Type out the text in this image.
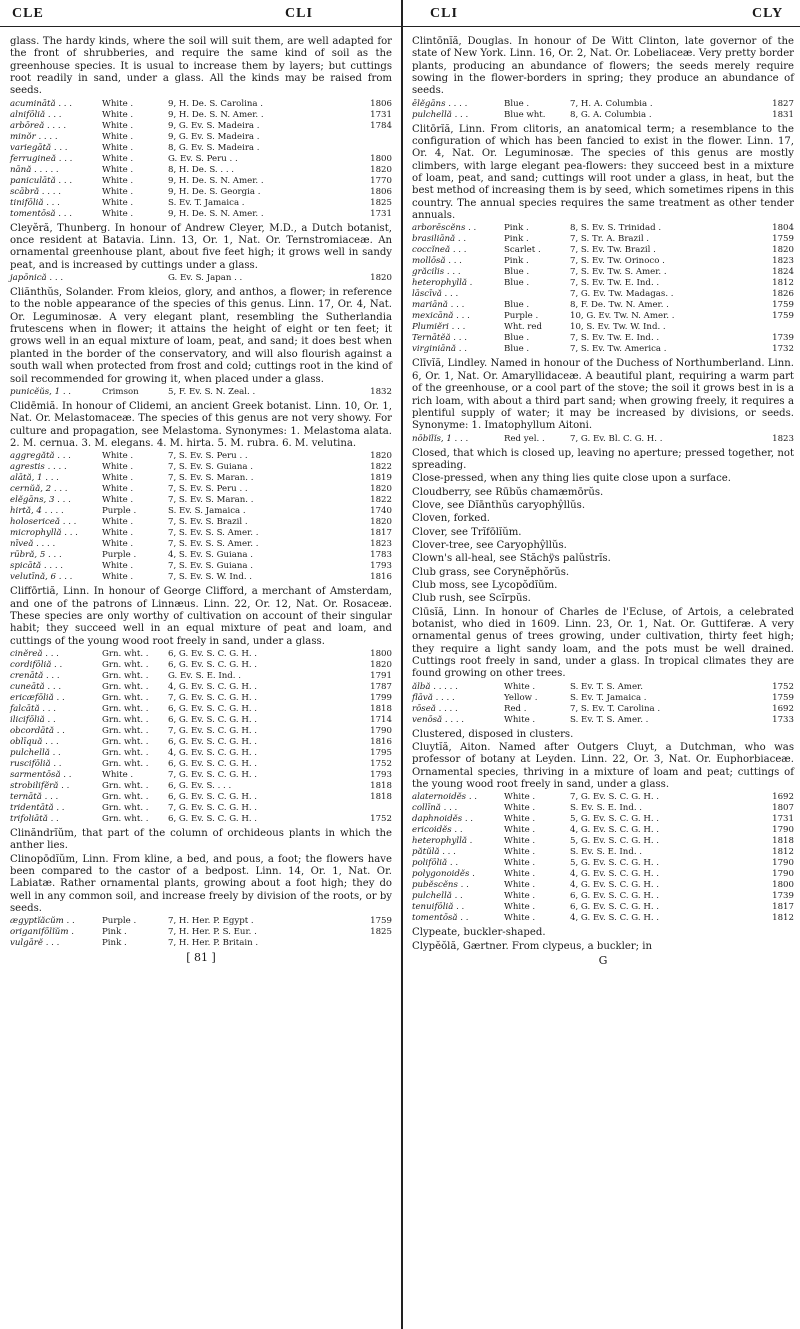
CLE	CLI	CLI	CLY

glass. The hardy kinds, where the soil will suit them, are well adapted for the front of shrubberies, and require the same kind of soil as the greenhouse species. It is usual to increase them by layers; but cuttings root readily in sand, under a glass. All the kinds may be raised from seeds.

acuminātă . . .	White .	9, H. De. S. Carolina .	1806
alnifōliă . . .	White .	9, H. De. S. N. Amer. .	1731
arbōreă . . . .	White .	9, G. Ev. S. Madeira .	1784
minŏr . . . .	White .	9, G. Ev. S. Madeira .	
variegātă . . .	White .	8, G. Ev. S. Madeira .	
ferrugineă . . .	White .	G. Ev. S. Peru . .	1800
nānă . . . . .	White .	8, H. De. S. . . .	1820
paniculātă . . .	White .	9, H. De. S. N. Amer. .	1770
scābră . . . .	White .	9, H. De. S. Georgia .	1806
tinifōliă . . .	White .	S. Ev. T. Jamaica .	1825
tomentōsă . . .	White .	9, H. De. S. N. Amer. .	1731

Cleyĕră, Thunberg. In honour of Andrew Cleyer, M.D., a Dutch botanist, once resident at Batavia. Linn. 13, Or. 1, Nat. Or. Ternstromiaceæ. An ornamental greenhouse plant, about five feet high; it grows well in sandy peat, and is increased by cuttings under a glass.

japōnică . . .		G. Ev. S. Japan . .	1820

Cliănthŭs, Solander. From kleios, glory, and anthos, a flower; in reference to the noble appearance of the species of this genus. Linn. 17, Or. 4, Nat. Or. Leguminosæ. A very elegant plant, resembling the Sutherlandia frutescens when in flower; it attains the height of eight or ten feet; it grows well in an equal mixture of loam, peat, and sand; it does best when planted in the border of the conservatory, and will also flourish against a south wall when protected from frost and cold; cuttings root in the kind of soil recommended for growing it, when placed under a glass.

punicĕŭs, 1 . .	Crimson	5, F. Ev. S. N. Zeal. .	1832

Clidēmiă. In honour of Clidemi, an ancient Greek botanist. Linn. 10, Or. 1, Nat. Or. Melastomaceæ. The species of this genus are not very showy. For culture and propagation, see Melastoma. Synonymes: 1. Melastoma alata. 2. M. cernua. 3. M. elegans. 4. M. hirta. 5. M. rubra. 6. M. velutina.

aggregătă . . .	White .	7, S. Ev. S. Peru . .	1820
agrestis . . . .	White .	7, S. Ev. S. Guiana .	1822
alātă, 1 . . .	White .	7, S. Ev. S. Maran. .	1819
cernŭă, 2 . . .	White .	7, S. Ev. S. Peru . .	1820
elĕgāns, 3 . . .	White .	7, S. Ev. S. Maran. .	1822
hirtă, 4 . . . .	Purple .	S. Ev. S. Jamaica .	1740
holosericeă . . .	White .	7, S. Ev. S. Brazil .	1820
microphyllă . . .	White .	7, S. Ev. S. S. Amer. .	1817
nīveă . . . .	White .	7, S. Ev. S. S. Amer. .	1823
rūbră, 5 . . .	Purple .	4, S. Ev. S. Guiana .	1783
spicātă . . . .	White .	7, S. Ev. S. Guiana .	1793
velutīnă, 6 . . .	White .	7, S. Ev. S. W. Ind. .	1816

Cliffōrtiă, Linn. In honour of George Clifford, a merchant of Amsterdam, and one of the patrons of Linnæus. Linn. 22, Or. 12, Nat. Or. Rosaceæ. These species are only worthy of cultivation on account of their singular habit; they succeed well in an equal mixture of peat and loam, and cuttings of the young wood root freely in sand, under a glass.

cinĕreă . . .	Grn. wht. .	6, G. Ev. S. C. G. H. .	1800
cordifōliă . .	Grn. wht. .	6, G. Ev. S. C. G. H. .	1820
crenātă . . .	Grn. wht. .	G. Ev. S. E. Ind. .	1791
cuneātă . . .	Grn. wht. .	4, G. Ev. S. C. G. H. .	1787
ericæfōliă . .	Grn. wht. .	7, G. Ev. S. C. G. H. .	1799
falcātă . . .	Grn. wht. .	6, G. Ev. S. C. G. H. .	1818
ilicifōliă . .	Grn. wht. .	6, G. Ev. S. C. G. H. .	1714
obcordātă . .	Grn. wht. .	7, G. Ev. S. C. G. H. .	1790
oblīquă . . .	Grn. wht. .	6, G. Ev. S. C. G. H. .	1816
pulchellă . .	Grn. wht. .	4, G. Ev. S. C. G. H. .	1795
ruscifōliă . .	Grn. wht. .	6, G. Ev. S. C. G. H. .	1752
sarmentōsă . .	White .	7, G. Ev. S. C. G. H. .	1793
strobilifĕră . .	Grn. wht. .	6, G. Ev. S. . . .	1818
ternātă . . .	Grn. wht. .	6, G. Ev. S. C. G. H. .	1818
tridentātă . .	Grn. wht. .	7, G. Ev. S. C. G. H. .	
trifoliātă . .	Grn. wht. .	6, G. Ev. S. C. G. H. .	1752

Clinăndrĭŭm, that part of the column of orchideous plants in which the anther lies.

Clinopōdĭŭm, Linn. From kline, a bed, and pous, a foot; the flowers have been compared to the castor of a bedpost. Linn. 14, Or. 1, Nat. Or. Labiatæ. Rather ornamental plants, growing about a foot high; they do well in any common soil, and increase freely by division of the roots, or by seeds.

ægyptĭăcŭm . .	Purple .	7, H. Her. P. Egypt .	1759
origanifōlĭŭm .	Pink .	7, H. Her. P. S. Eur. .	1825
vulgārĕ . . .	Pink .	7, H. Her. P. Britain .	
[ 81 ]

Clintōnĭă, Douglas. In honour of De Witt Clinton, late governor of the state of New York. Linn. 16, Or. 2, Nat. Or. Lobeliaceæ. Very pretty border plants, producing an abundance of flowers; the seeds merely require sowing in the flower-borders in spring; they produce an abundance of seeds.

ēlĕgāns . . . .	Blue .	7, H. A. Columbia .	1827
pulchellă . . .	Blue wht.	8, G. A. Columbia .	1831

Clitōrĭă, Linn. From clitoris, an anatomical term; a resemblance to the configuration of which has been fancied to exist in the flower. Linn. 17, Or. 4, Nat. Or. Leguminosæ. The species of this genus are mostly climbers, with large elegant pea-flowers: they succeed best in a mixture of loam, peat, and sand; cuttings will root under a glass, in heat, but the best method of increasing them is by seed, which sometimes ripens in this country. The annual species requires the same treatment as other tender annuals.

arborēscĕns . .	Pink .	8, S. Ev. S. Trinidad .	1804
brasiliānă . .	Pink .	7, S. Tr. A. Brazil .	1759
coccĭneă . . .	Scarlet .	7, S. Ev. Tw. Brazil .	1820
mollōsă . . .	Pink .	7, S. Ev. Tw. Orinoco .	1823
grăcilis . . .	Blue .	7, S. Ev. Tw. S. Amer. .	1824
heterophyllă .	Blue .	7, S. Ev. Tw. E. Ind. .	1812
lāscīvă . . .		7, G. Ev. Tw. Madagas. .	1826
mariānă . . .	Blue .	8, F. De. Tw. N. Amer. .	1759
mexicānă . . .	Purple .	10, G. Ev. Tw. N. Amer. .	1759
Plumiĕri . . .	Wht. red	10, S. Ev. Tw. W. Ind. .	
Ternātĕă . . .	Blue .	7, S. Ev. Tw. E. Ind. .	1739
virginiānă . .	Blue .	7, S. Ev. Tw. America .	1732

Clīvĭă, Lindley. Named in honour of the Duchess of Northumberland. Linn. 6, Or. 1, Nat. Or. Amaryllidaceæ. A beautiful plant, requiring a warm part of the greenhouse, or a cool part of the stove; the soil it grows best in is a rich loam, with about a third part sand; when growing freely, it requires a plentiful supply of water; it may be increased by divisions, or seeds. Synonyme: 1. Imatophyllum Aitoni.

nōbĭlĭs, 1 . . .	Red yel. .	7, G. Ev. Bl. C. G. H. .	1823

Closed, that which is closed up, leaving no aperture; pressed together, not spreading.

Close-pressed, when any thing lies quite close upon a surface.

Cloudberry, see Rūbŭs chamæmōrŭs.

Clove, see Dĭānthŭs caryophŷllŭs.

Cloven, forked.

Clover, see Trĭfōlĭŭm.

Clover-tree, see Caryophŷllŭs.

Clown's all-heal, see Stăchÿs palŭstrĭs.

Club grass, see Corynĕphŏrŭs.

Club moss, see Lycopŏdĭŭm.

Club rush, see Scĭrpŭs.

Clūsĭă, Linn. In honour of Charles de l'Ecluse, of Artois, a celebrated botanist, who died in 1609. Linn. 23, Or. 1, Nat. Or. Guttiferæ. A very ornamental genus of trees growing, under cultivation, thirty feet high; they require a light sandy loam, and the pots must be well drained. Cuttings root freely in sand, under a glass. In tropical climates they are found growing on other trees.

ălbă . . . . .	White .	S. Ev. T. S. Amer.	1752
flāvă . . . .	Yellow .	S. Ev. T. Jamaica .	1759
rōseă . . . .	Red .	7, S. Ev. T. Carolina .	1692
venōsă . . . .	White .	S. Ev. T. S. Amer. .	1733

Clustered, disposed in clusters.

Cluytĭă, Aiton. Named after Outgers Cluyt, a Dutchman, who was professor of botany at Leyden. Linn. 22, Or. 3, Nat. Or. Euphorbiaceæ. Ornamental species, thriving in a mixture of loam and peat; cuttings of the young wood root freely in sand, under a glass.

alaternoidĕs . .	White .	7, G. Ev. S. C. G. H. .	1692
collīnă . . .	White .	S. Ev. S. E. Ind. .	1807
daphnoidĕs . .	White .	5, G. Ev. S. C. G. H. .	1731
ericoidĕs . .	White .	4, G. Ev. S. C. G. H. .	1790
heterophyllă .	White .	5, G. Ev. S. C. G. H. .	1818
pătŭlă . . .	White .	S. Ev. S. E. Ind. .	1812
polifōliă . .	White .	5, G. Ev. S. C. G. H. .	1790
polygonoidĕs .	White .	4, G. Ev. S. C. G. H. .	1790
pubĕscĕns . .	White .	4, G. Ev. S. C. G. H. .	1800
pulchellă . .	White .	6, G. Ev. S. C. G. H. .	1739
tenuifōliă . .	White .	6, G. Ev. S. C. G. H. .	1817
tomentōsă . .	White .	4, G. Ev. S. C. G. H. .	1812

Clypeate, buckler-shaped.

Clypĕŏlă, Gærtner. From clypeus, a buckler; in

G
